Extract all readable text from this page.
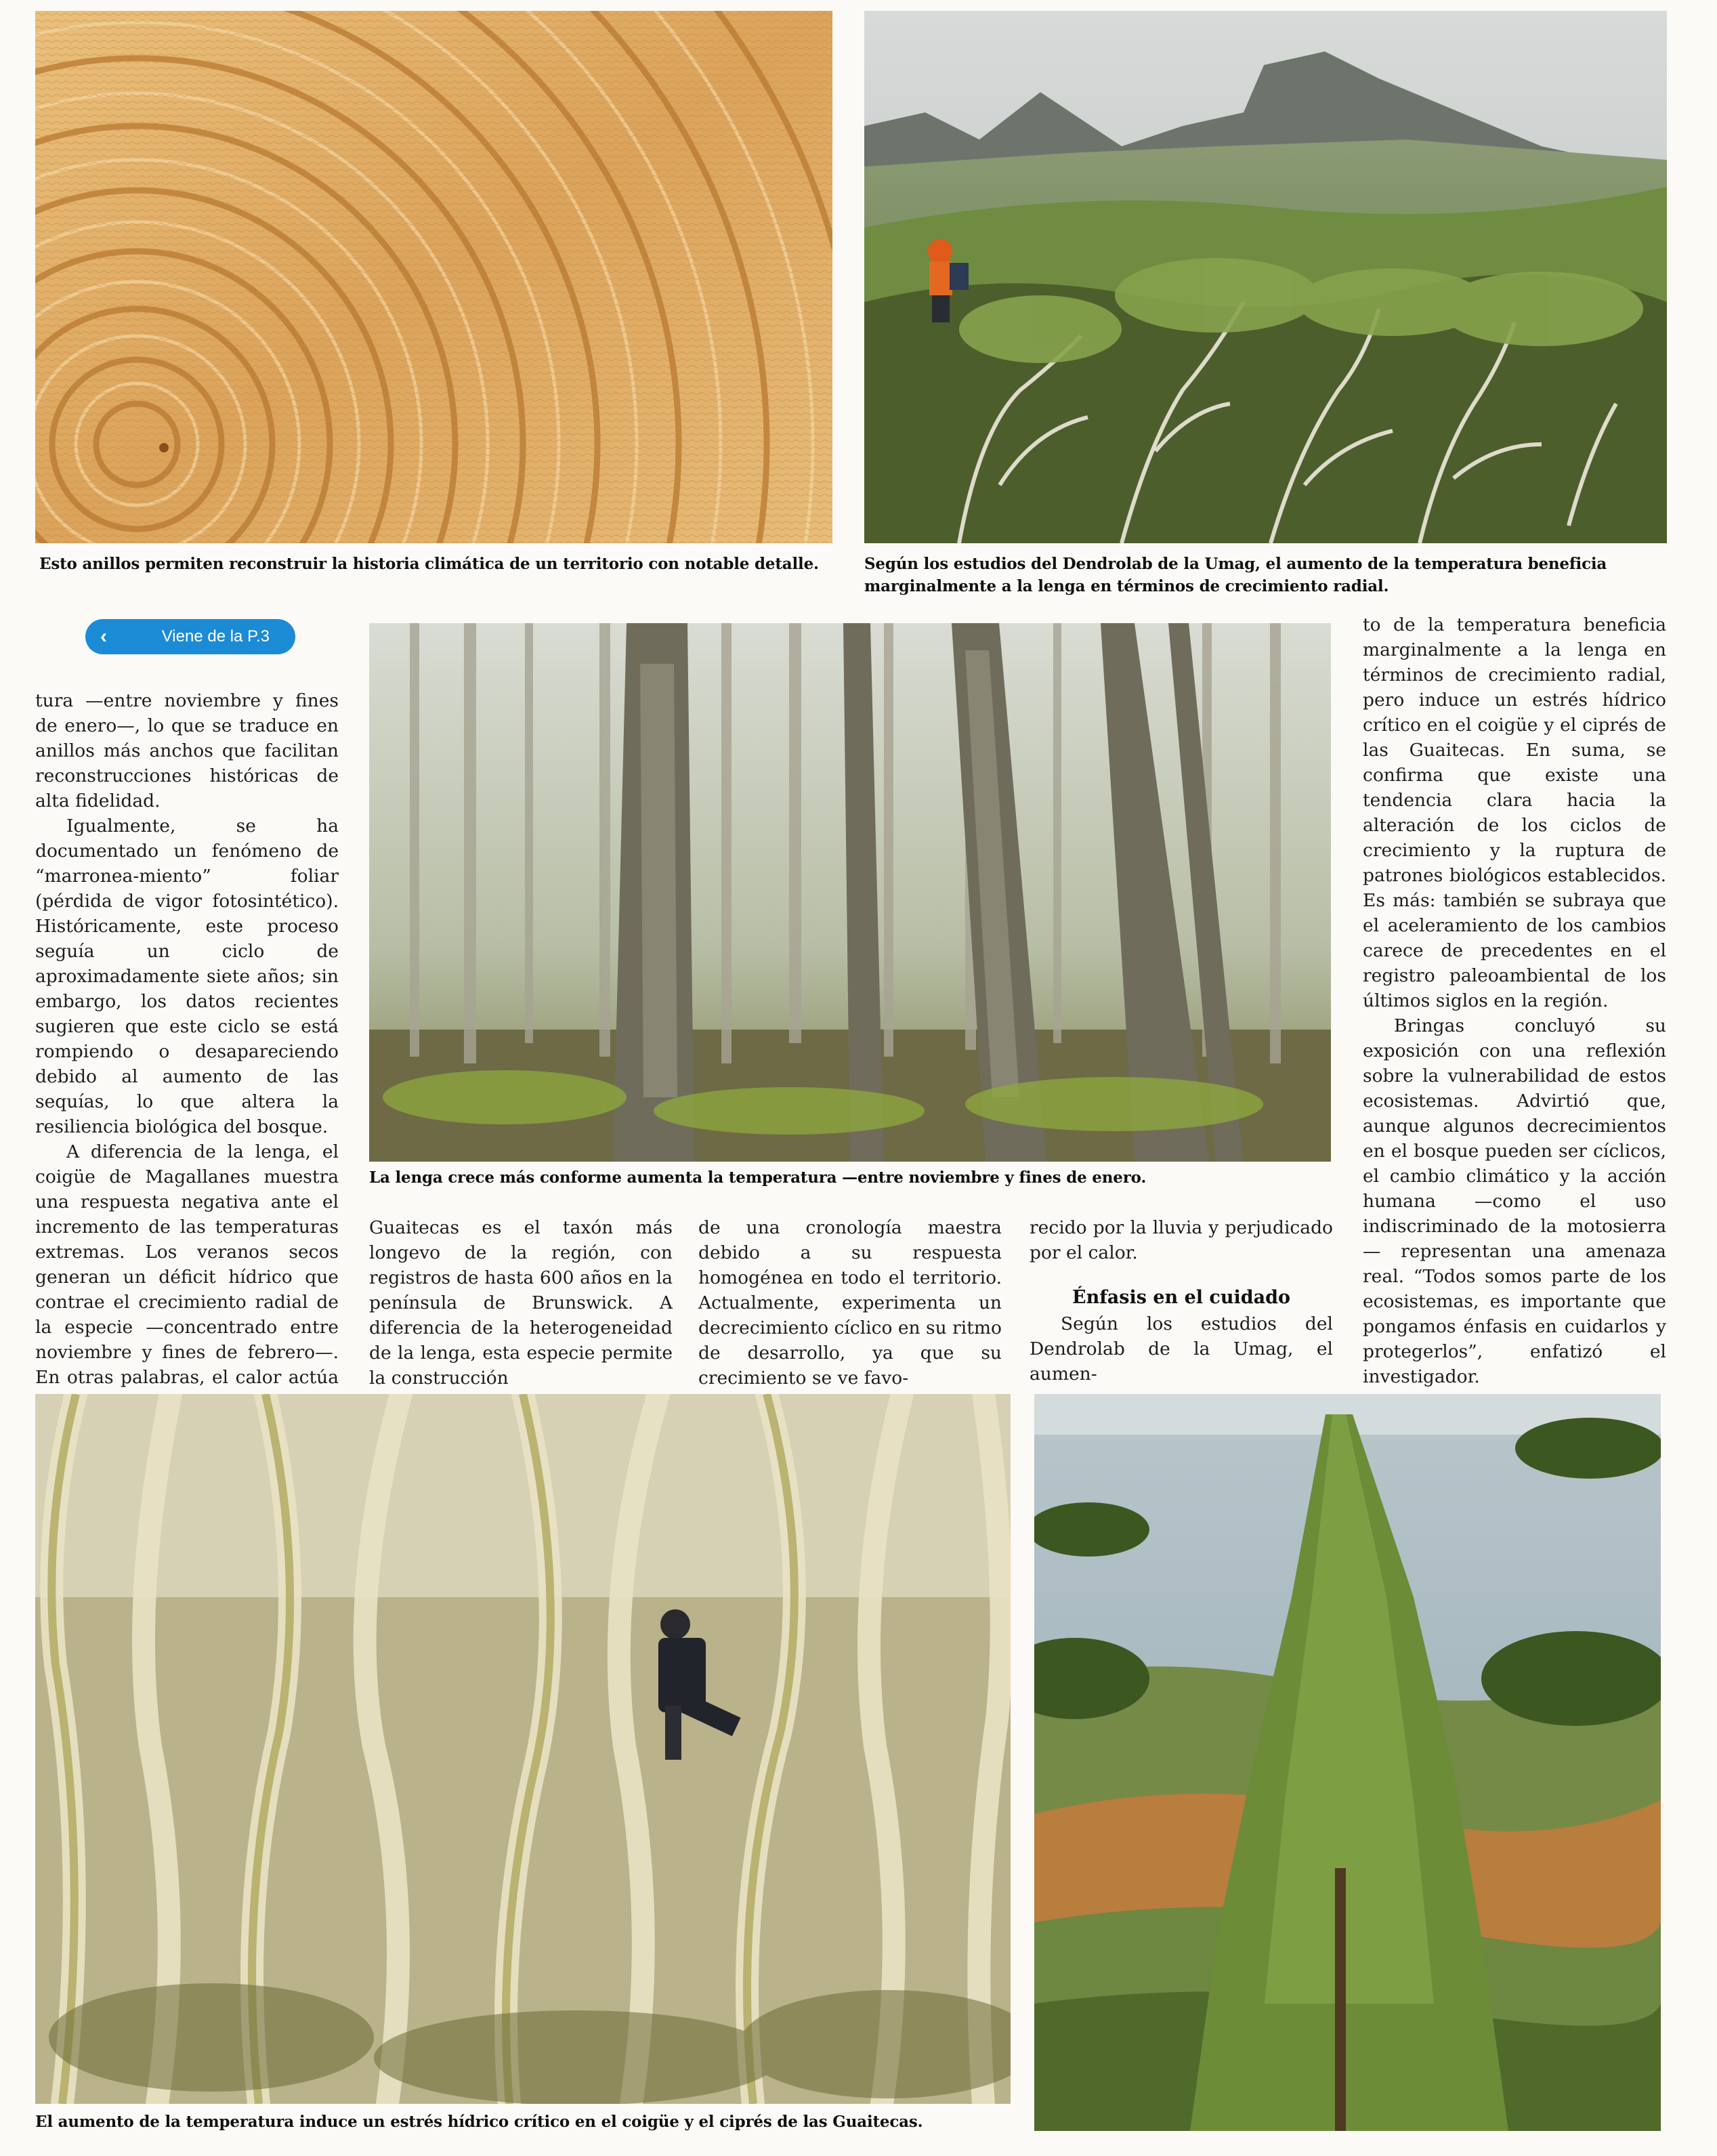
Esto anillos permiten reconstruir la historia climática de un territorio con notable detalle.	Según los estudios del Dendrolab de la Umag, el aumento de la temperatura beneficia marginalmente a la lenga en términos de crecimiento radial.

‹	Viene de la P.3

La lenga crece más conforme aumenta la temperatura —entre noviembre y fines de enero.

tura —entre noviembre y fines de enero—, lo que se traduce en anillos más anchos que facilitan reconstrucciones históricas de alta fidelidad.

Igualmente, se ha documentado un fenómeno de “marronea-miento” foliar (pérdida de vigor fotosintético). Históricamente, este proceso seguía un ciclo de aproximadamente siete años; sin embargo, los datos recientes sugieren que este ciclo se está rompiendo o desapareciendo debido al aumento de las sequías, lo que altera la resiliencia biológica del bosque.

A diferencia de la lenga, el coigüe de Magallanes muestra una respuesta negativa ante el incremento de las temperaturas extremas. Los veranos secos generan un déficit hídrico que contrae el crecimiento radial de la especie —concentrado entre noviembre y fines de febrero—. En otras palabras, el calor actúa

Guaitecas es el taxón más longevo de la región, con registros de hasta 600 años en la península de Brunswick. A diferencia de la heterogeneidad de la lenga, esta especie permite la construcción

de una cronología maestra debido a su respuesta homogénea en todo el territorio. Actualmente, experimenta un decrecimiento cíclico en su ritmo de desarrollo, ya que su crecimiento se ve favo-

recido por la lluvia y perjudicado por el calor.

Énfasis en el cuidado

Según los estudios del Dendrolab de la Umag, el aumen-

to de la temperatura beneficia marginalmente a la lenga en términos de crecimiento radial, pero induce un estrés hídrico crítico en el coigüe y el ciprés de las Guaitecas. En suma, se confirma que existe una tendencia clara hacia la alteración de los ciclos de crecimiento y la ruptura de patrones biológicos establecidos. Es más: también se subraya que el aceleramiento de los cambios carece de precedentes en el registro paleoambiental de los últimos siglos en la región.

Bringas concluyó su exposición con una reflexión sobre la vulnerabilidad de estos ecosistemas. Advirtió que, aunque algunos decrecimientos en el bosque pueden ser cíclicos, el cambio climático y la acción humana —como el uso indiscriminado de la motosierra— representan una amenaza real. “Todos somos parte de los ecosistemas, es importante que pongamos énfasis en cuidarlos y protegerlos”, enfatizó el investigador.

El aumento de la temperatura induce un estrés hídrico crítico en el coigüe y el ciprés de las Guaitecas.
